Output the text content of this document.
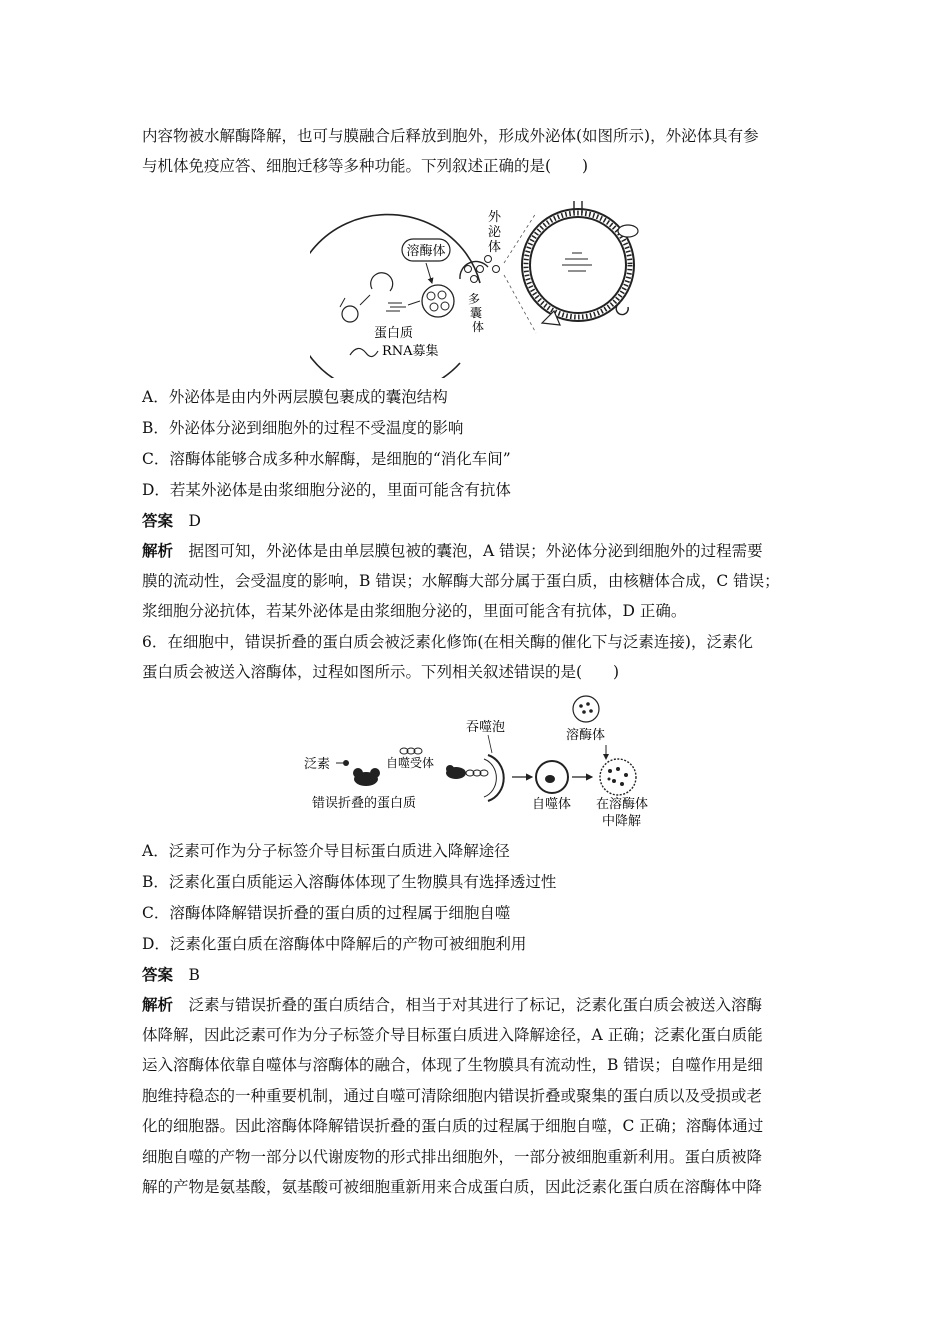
内容物被水解酶降解，也可与膜融合后释放到胞外，形成外泌体(如图所示)，外泌体具有参
与机体免疫应答、细胞迁移等多种功能。下列叙述正确的是(　　)
溶酶体
外
泌
体
多
囊
体
蛋白质
RNA募集
A．外泌体是由内外两层膜包裹成的囊泡结构
B．外泌体分泌到细胞外的过程不受温度的影响
C．溶酶体能够合成多种水解酶，是细胞的“消化车间”
D．若某外泌体是由浆细胞分泌的，里面可能含有抗体
答案　 D
解析　 据图可知，外泌体是由单层膜包被的囊泡，A 错误；外泌体分泌到细胞外的过程需要
膜的流动性，会受温度的影响，B 错误；水解酶大部分属于蛋白质，由核糖体合成，C 错误；
浆细胞分泌抗体，若某外泌体是由浆细胞分泌的，里面可能含有抗体，D 正确。
6．在细胞中，错误折叠的蛋白质会被泛素化修饰(在相关酶的催化下与泛素连接)，泛素化
蛋白质会被送入溶酶体，过程如图所示。下列相关叙述错误的是(　　)
泛素
错误折叠的蛋白质
自噬受体
吞噬泡
自噬体
溶酶体
在溶酶体
中降解
A．泛素可作为分子标签介导目标蛋白质进入降解途径
B．泛素化蛋白质能运入溶酶体体现了生物膜具有选择透过性
C．溶酶体降解错误折叠的蛋白质的过程属于细胞自噬
D．泛素化蛋白质在溶酶体中降解后的产物可被细胞利用
答案　 B
解析　 泛素与错误折叠的蛋白质结合，相当于对其进行了标记，泛素化蛋白质会被送入溶酶
体降解，因此泛素可作为分子标签介导目标蛋白质进入降解途径，A 正确；泛素化蛋白质能
运入溶酶体依靠自噬体与溶酶体的融合，体现了生物膜具有流动性，B 错误；自噬作用是细
胞维持稳态的一种重要机制，通过自噬可清除细胞内错误折叠或聚集的蛋白质以及受损或老
化的细胞器。因此溶酶体降解错误折叠的蛋白质的过程属于细胞自噬，C 正确；溶酶体通过
细胞自噬的产物一部分以代谢废物的形式排出细胞外，一部分被细胞重新利用。蛋白质被降
解的产物是氨基酸，氨基酸可被细胞重新用来合成蛋白质，因此泛素化蛋白质在溶酶体中降
